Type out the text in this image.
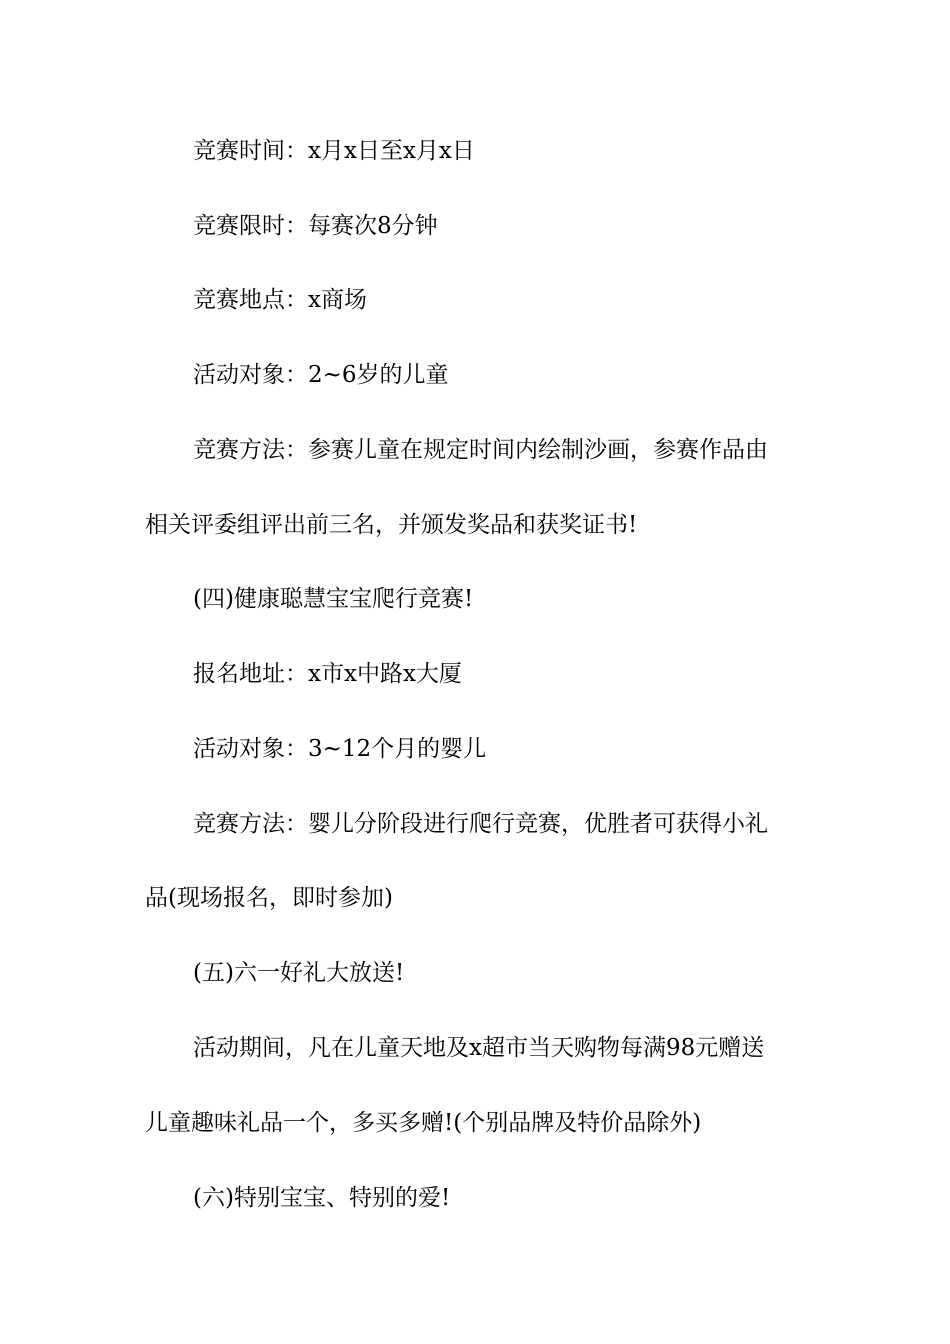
竞赛时间：x月x日至x月x日
竞赛限时：每赛次8分钟
竞赛地点：x商场
活动对象：2~6岁的儿童
竞赛方法：参赛儿童在规定时间内绘制沙画，参赛作品由
相关评委组评出前三名，并颁发奖品和获奖证书!
(四)健康聪慧宝宝爬行竞赛!
报名地址：x市x中路x大厦
活动对象：3~12个月的婴儿
竞赛方法：婴儿分阶段进行爬行竞赛，优胜者可获得小礼
品(现场报名，即时参加)
(五)六一好礼大放送!
活动期间，凡在儿童天地及x超市当天购物每满98元赠送
儿童趣味礼品一个，多买多赠!(个别品牌及特价品除外)
(六)特别宝宝、特别的爱!
